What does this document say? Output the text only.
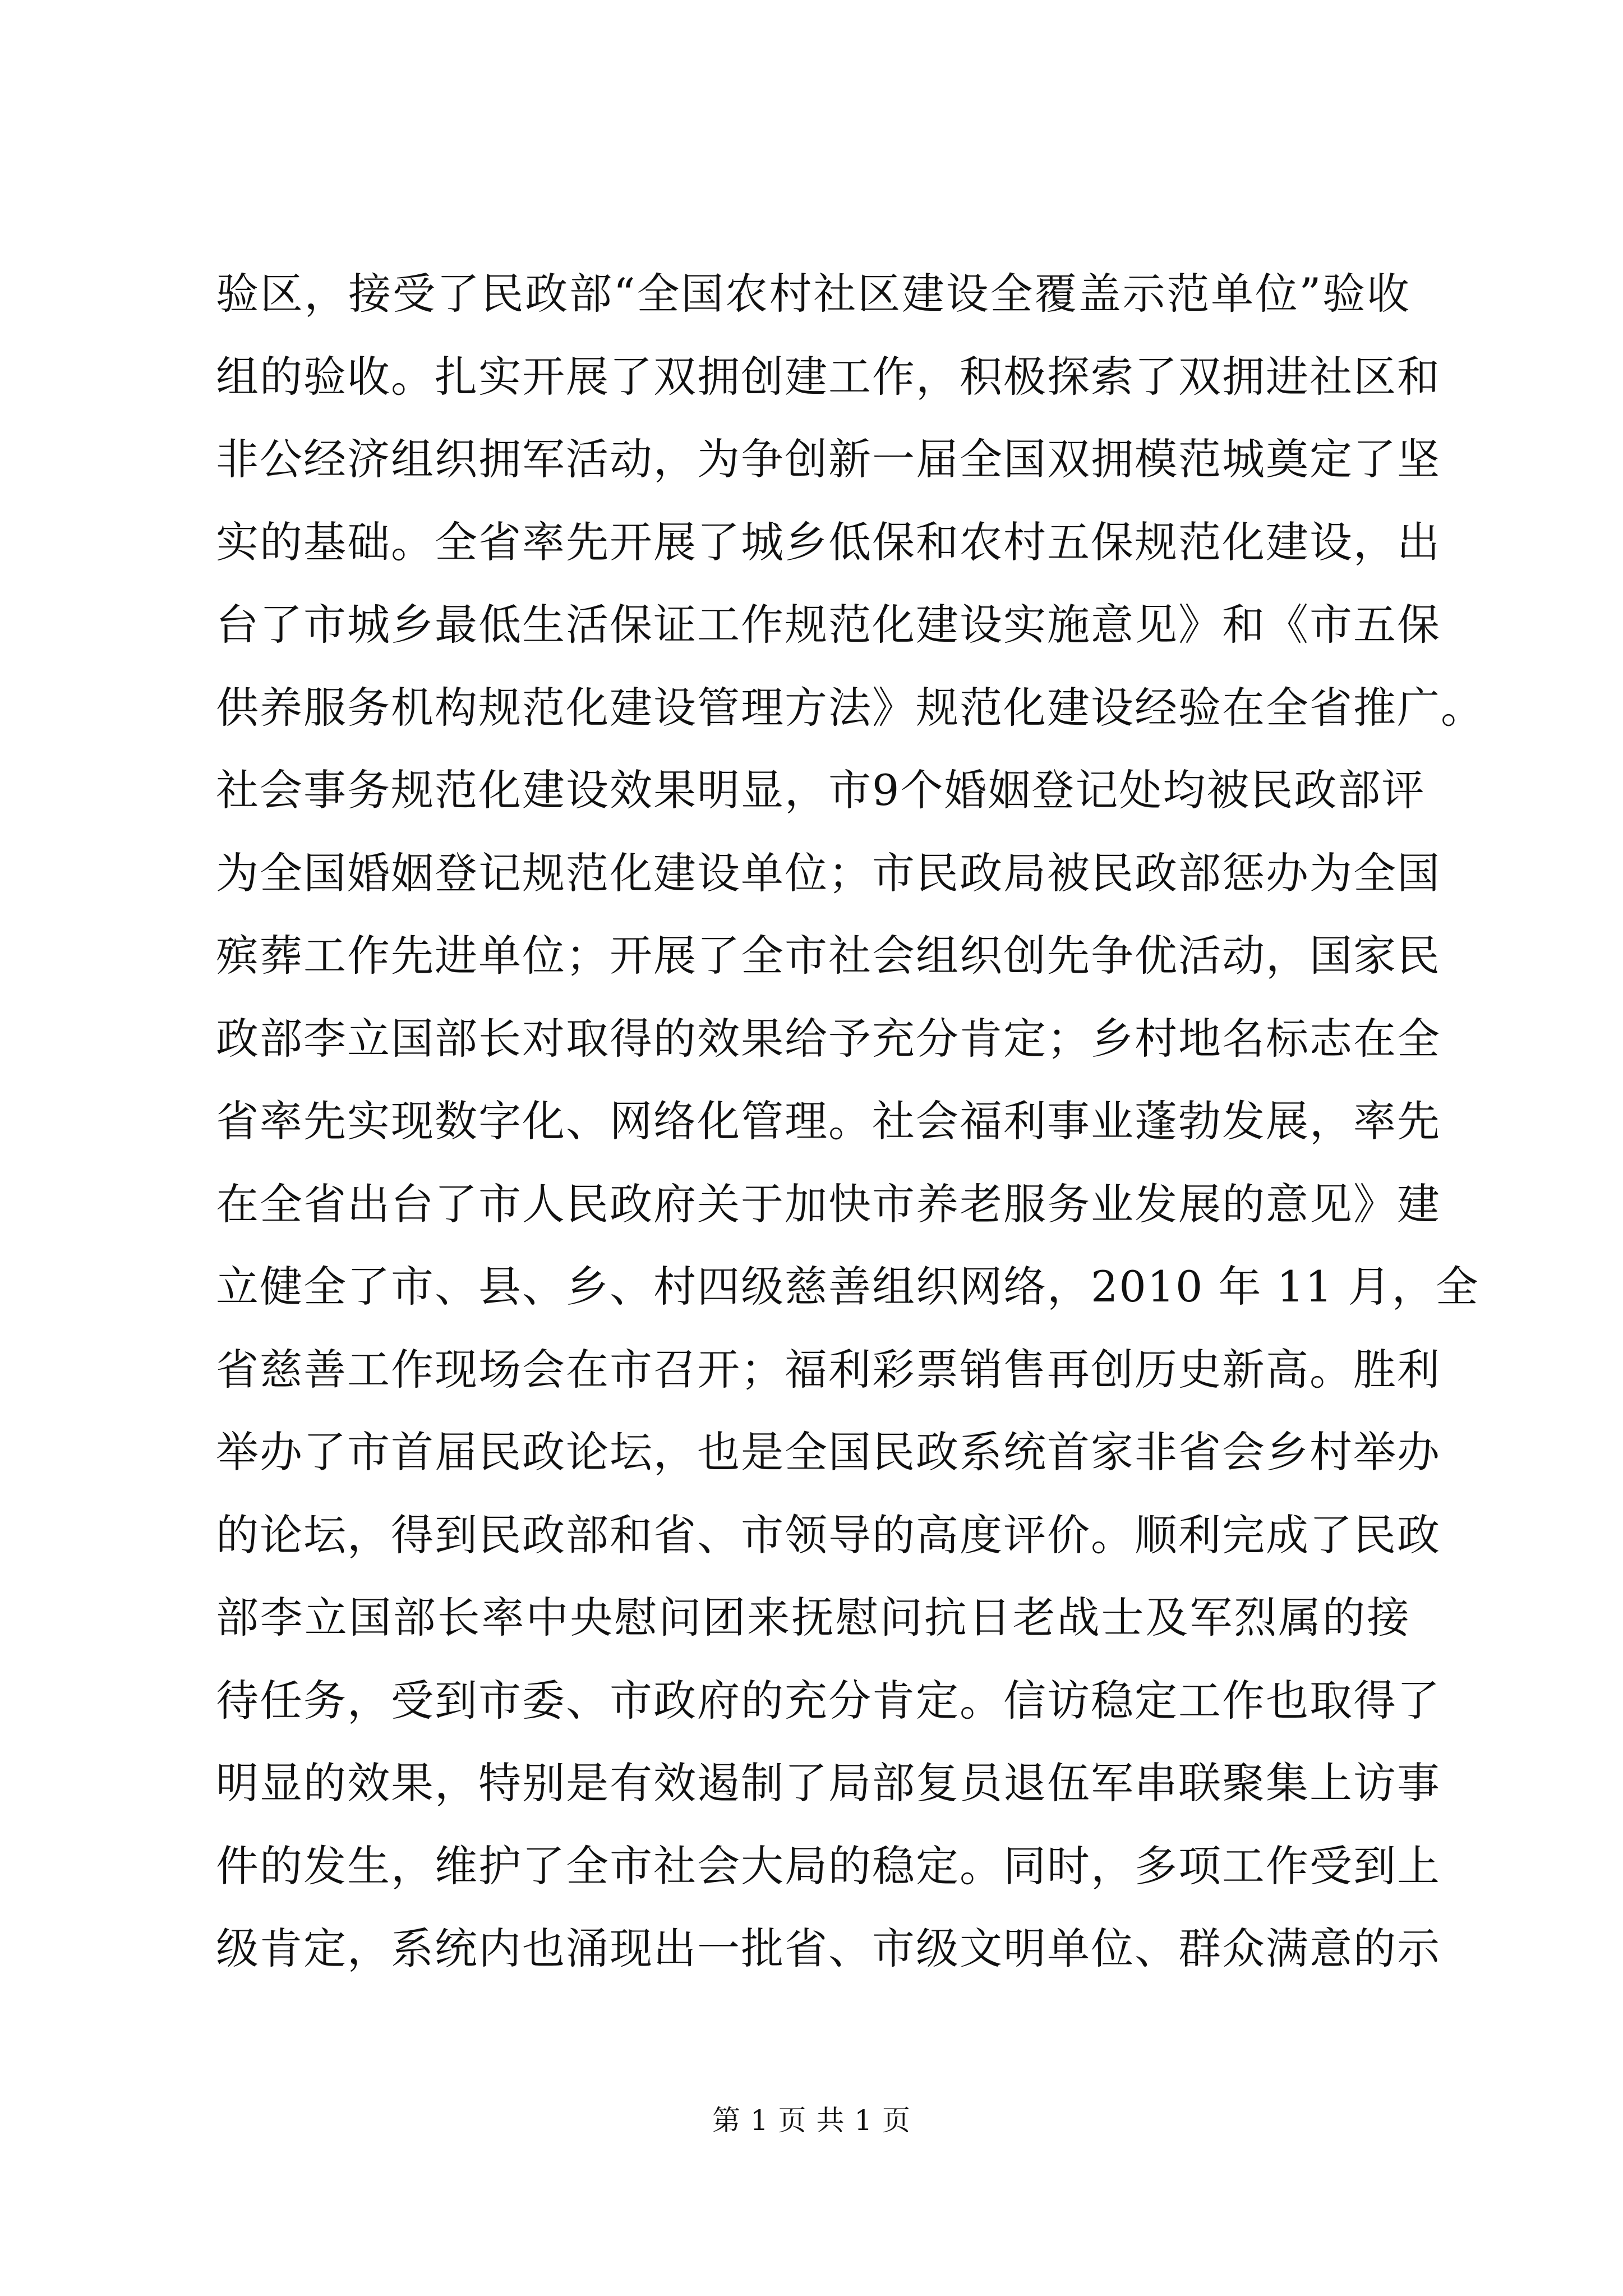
验区，接受了民政部“全国农村社区建设全覆盖示范单位”验收
组的验收。扎实开展了双拥创建工作，积极探索了双拥进社区和
非公经济组织拥军活动，为争创新一届全国双拥模范城奠定了坚
实的基础。全省率先开展了城乡低保和农村五保规范化建设，出
台了市城乡最低生活保证工作规范化建设实施意见》和《市五保
供养服务机构规范化建设管理方法》规范化建设经验在全省推广。
社会事务规范化建设效果明显，市9个婚姻登记处均被民政部评
为全国婚姻登记规范化建设单位；市民政局被民政部惩办为全国
殡葬工作先进单位；开展了全市社会组织创先争优活动，国家民
政部李立国部长对取得的效果给予充分肯定；乡村地名标志在全
省率先实现数字化、网络化管理。社会福利事业蓬勃发展，率先
在全省出台了市人民政府关于加快市养老服务业发展的意见》建
立健全了市、县、乡、村四级慈善组织网络，2010 年 11 月，全
省慈善工作现场会在市召开；福利彩票销售再创历史新高。胜利
举办了市首届民政论坛，也是全国民政系统首家非省会乡村举办
的论坛，得到民政部和省、市领导的高度评价。顺利完成了民政
部李立国部长率中央慰问团来抚慰问抗日老战士及军烈属的接
待任务，受到市委、市政府的充分肯定。信访稳定工作也取得了
明显的效果，特别是有效遏制了局部复员退伍军串联聚集上访事
件的发生，维护了全市社会大局的稳定。同时，多项工作受到上
级肯定，系统内也涌现出一批省、市级文明单位、群众满意的示
第 1 页 共 1 页
